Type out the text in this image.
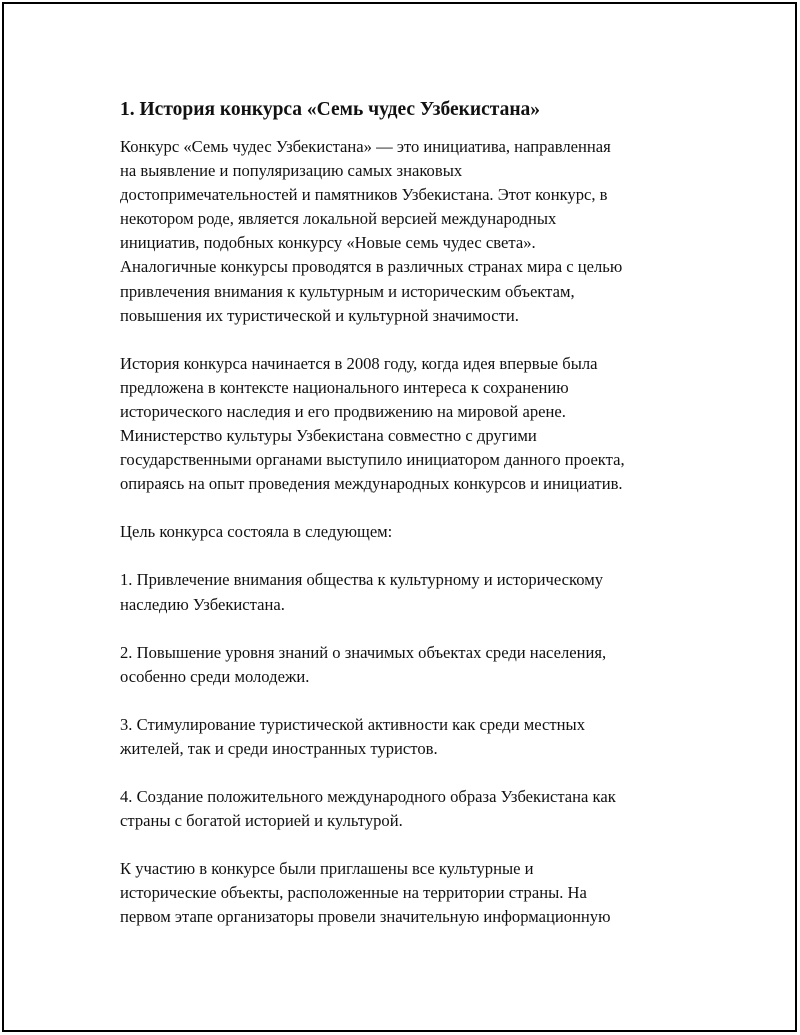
1. История конкурса «Семь чудес Узбекистана»

Конкурс «Семь чудес Узбекистана» — это инициатива, направленная
на выявление и популяризацию самых знаковых
достопримечательностей и памятников Узбекистана. Этот конкурс, в
некотором роде, является локальной версией международных
инициатив, подобных конкурсу «Новые семь чудес света».
Аналогичные конкурсы проводятся в различных странах мира с целью
привлечения внимания к культурным и историческим объектам,
повышения их туристической и культурной значимости.

История конкурса начинается в 2008 году, когда идея впервые была
предложена в контексте национального интереса к сохранению
исторического наследия и его продвижению на мировой арене.
Министерство культуры Узбекистана совместно с другими
государственными органами выступило инициатором данного проекта,
опираясь на опыт проведения международных конкурсов и инициатив.

Цель конкурса состояла в следующем:

1. Привлечение внимания общества к культурному и историческому
наследию Узбекистана.

2. Повышение уровня знаний о значимых объектах среди населения,
особенно среди молодежи.

3. Стимулирование туристической активности как среди местных
жителей, так и среди иностранных туристов.

4. Создание положительного международного образа Узбекистана как
страны с богатой историей и культурой.

К участию в конкурсе были приглашены все культурные и
исторические объекты, расположенные на территории страны. На
первом этапе организаторы провели значительную информационную
